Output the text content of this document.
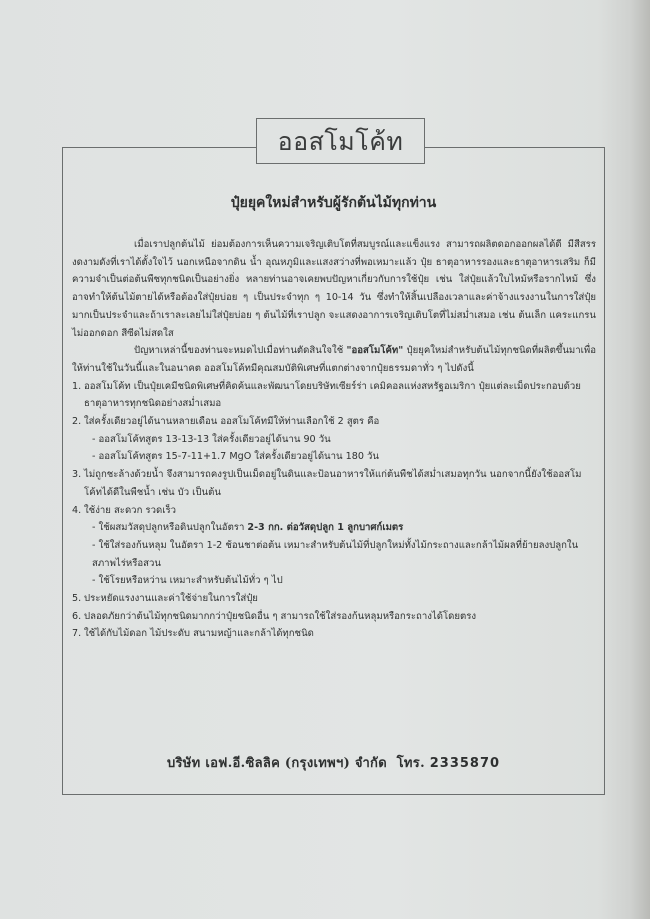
ออสโมโค้ท
ปุ๋ยยุคใหม่สำหรับผู้รักต้นไม้ทุกท่าน

เมื่อเราปลูกต้นไม้ ย่อมต้องการเห็นความเจริญเติบโตที่สมบูรณ์และแข็งแรง สามารถผลิตดอกออกผลได้ดี มีสีสรรงดงามดังที่เราได้ตั้งใจไว้ นอกเหนือจากดิน น้ำ อุณหภูมิและแสงสว่างที่พอเหมาะแล้ว ปุ๋ย ธาตุอาหารรองและธาตุอาหารเสริม ก็มีความจำเป็นต่อต้นพืชทุกชนิดเป็นอย่างยิ่ง หลายท่านอาจเคยพบปัญหาเกี่ยวกับการใช้ปุ๋ย เช่น ใส่ปุ๋ยแล้วใบไหม้หรือรากไหม้ ซึ่งอาจทำให้ต้นไม้ตายได้หรือต้องใส่ปุ๋ยบ่อย ๆ เป็นประจำทุก ๆ 10-14 วัน ซึ่งทำให้สิ้นเปลืองเวลาและค่าจ้างแรงงานในการใส่ปุ๋ยมากเป็นประจำและถ้าเราละเลยไม่ใส่ปุ๋ยบ่อย ๆ ต้นไม้ที่เราปลูก จะแสดงอาการเจริญเติบโตที่ไม่สม่ำเสมอ เช่น ต้นเล็ก แคระแกรน ไม่ออกดอก สีซีดไม่สดใส

ปัญหาเหล่านี้ของท่านจะหมดไปเมื่อท่านตัดสินใจใช้ "ออสโมโค้ท" ปุ๋ยยุคใหม่สำหรับต้นไม้ทุกชนิดที่ผลิตขึ้นมาเพื่อให้ท่านใช้ในวันนี้และในอนาคต ออสโมโค้ทมีคุณสมบัติพิเศษที่แตกต่างจากปุ๋ยธรรมดาทั่ว ๆ ไปดังนี้

1. ออสโมโค้ท เป็นปุ๋ยเคมีชนิดพิเศษที่คิดค้นและพัฒนาโดยบริษัทเซียร์ร่า เคมิคอลแห่งสหรัฐอเมริกา ปุ๋ยแต่ละเม็ดประกอบด้วยธาตุอาหารทุกชนิดอย่างสม่ำเสมอ
2. ใส่ครั้งเดียวอยู่ได้นานหลายเดือน ออสโมโค้ทมีให้ท่านเลือกใช้ 2 สูตร คือ
- ออสโมโค้ทสูตร 13-13-13 ใส่ครั้งเดียวอยู่ได้นาน 90 วัน
- ออสโมโค้ทสูตร 15-7-11+1.7 MgO ใส่ครั้งเดียวอยู่ได้นาน 180 วัน
3. ไม่ถูกชะล้างด้วยน้ำ จึงสามารถคงรูปเป็นเม็ดอยู่ในดินและป้อนอาหารให้แก่ต้นพืชได้สม่ำเสมอทุกวัน นอกจากนี้ยังใช้ออสโมโค้ทได้ดีในพืชน้ำ เช่น บัว เป็นต้น
4. ใช้ง่าย สะดวก รวดเร็ว
- ใช้ผสมวัสดุปลูกหรือดินปลูกในอัตรา 2-3 กก. ต่อวัสดุปลูก 1 ลูกบาศก์เมตร
- ใช้ใส่รองก้นหลุม ในอัตรา 1-2 ช้อนชาต่อต้น เหมาะสำหรับต้นไม้ที่ปลูกใหม่ทั้งไม้กระถางและกล้าไม้ผลที่ย้ายลงปลูกในสภาพไร่หรือสวน
- ใช้โรยหรือหว่าน เหมาะสำหรับต้นไม้ทั่ว ๆ ไป
5. ประหยัดแรงงานและค่าใช้จ่ายในการใส่ปุ๋ย
6. ปลอดภัยกว่าต้นไม้ทุกชนิดมากกว่าปุ๋ยชนิดอื่น ๆ สามารถใช้ใส่รองก้นหลุมหรือกระถางได้โดยตรง
7. ใช้ได้กับไม้ดอก ไม้ประดับ สนามหญ้าและกล้าได้ทุกชนิด
บริษัท เอฟ.อี.ซิลลิค (กรุงเทพฯ) จำกัด โทร. 2335870
